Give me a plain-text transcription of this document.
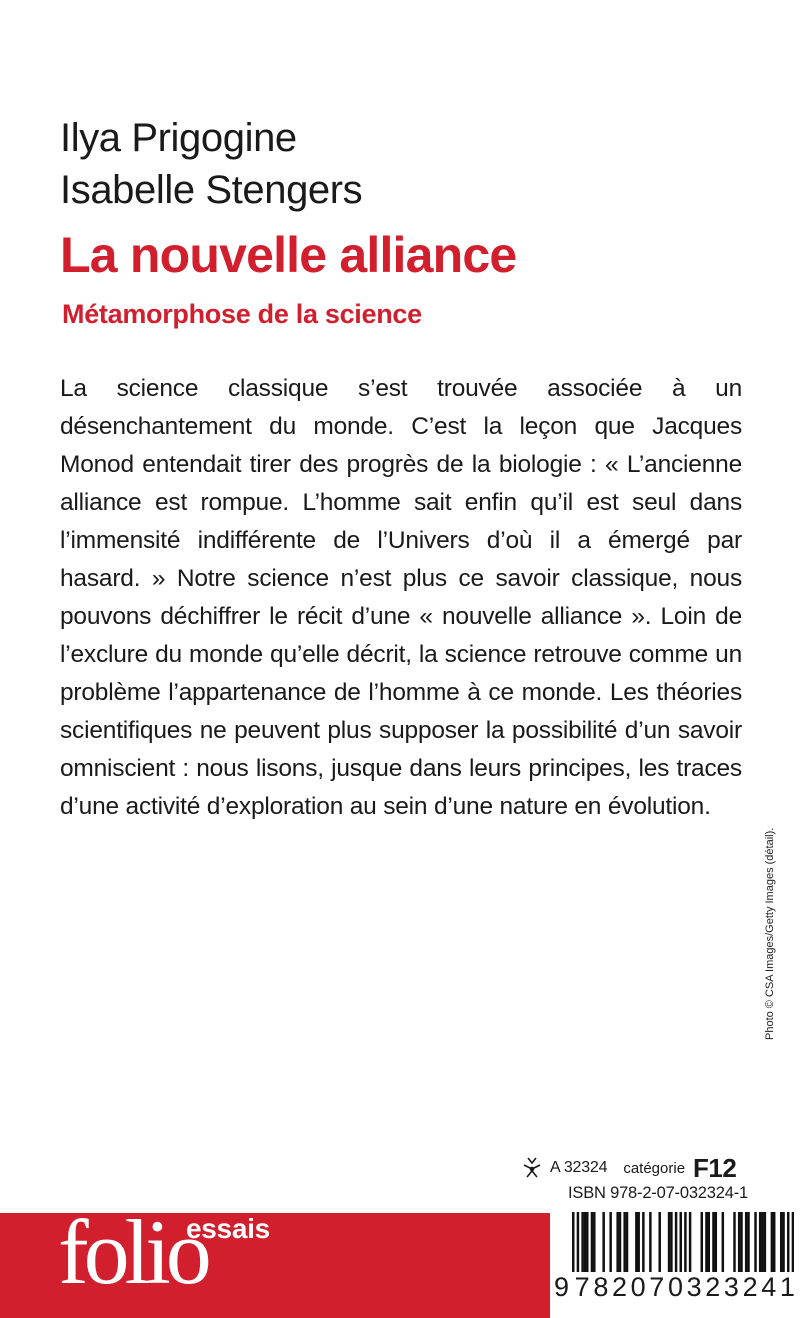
Ilya Prigogine
Isabelle Stengers
La nouvelle alliance
Métamorphose de la science

La science classique s’est trouvée associée à un désenchantement du monde. C’est la leçon que Jacques Monod entendait tirer des progrès de la biologie : « L’ancienne alliance est rompue. L’homme sait enfin qu’il est seul dans l’immensité indifférente de l’Univers d’où il a émergé par hasard. » Notre science n’est plus ce savoir classique, nous pouvons déchiffrer le récit d’une « nouvelle alliance ». Loin de l’exclure du monde qu’elle décrit, la science retrouve comme un problème l’appartenance de l’homme à ce monde. Les théories scientifiques ne peuvent plus supposer la possibilité d’un savoir omniscient : nous lisons, jusque dans leurs principes, les traces d’une activité d’exploration au sein d’une nature en évolution.

Photo © CSA Images/Getty Images (détail).
A 32324 catégorie F12
ISBN 978-2-07-032324-1
folio
essais
9 7 8 2 0 7 0 3 2 3 2 4 1
